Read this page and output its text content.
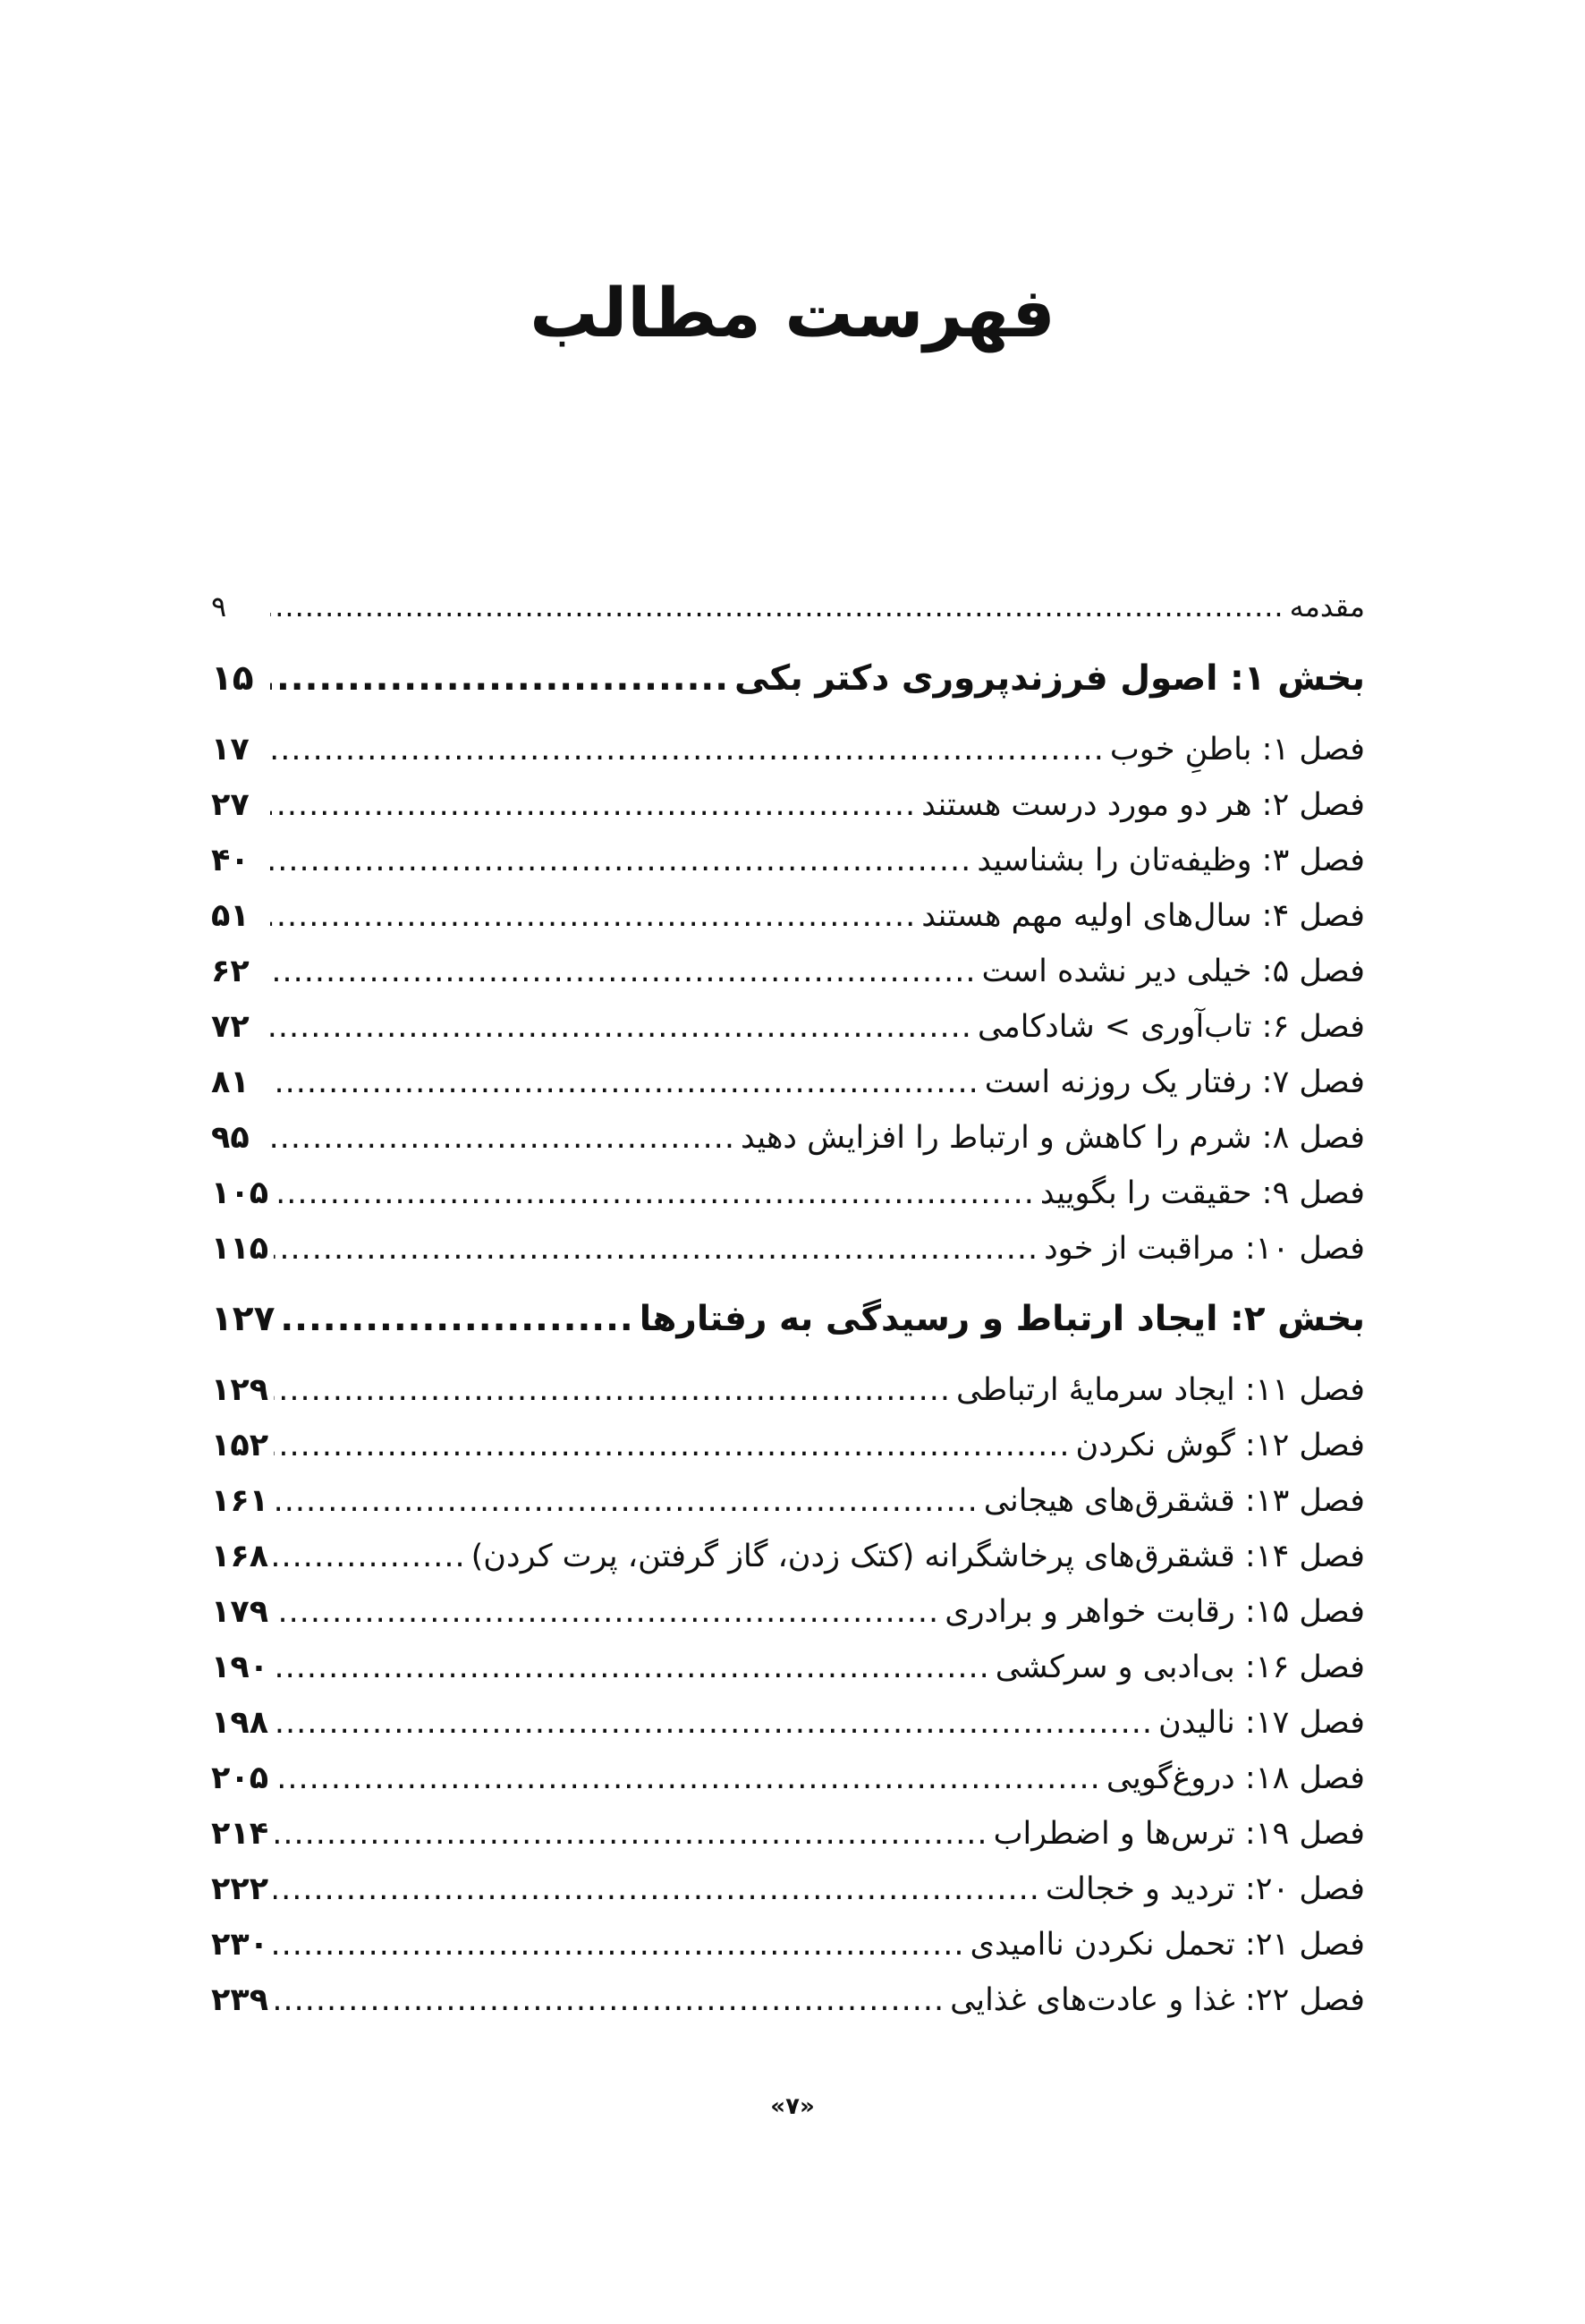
فهرست مطالب
مقدمه
.....
۹
بخش ۱: اصول فرزندپروری دکتر بکی
.....
۱۵
فصل ۱: باطنِ خوب
.....
۱۷
فصل ۲: هر دو مورد درست هستند
.....
۲۷
فصل ۳: وظیفه‌تان را بشناسید
.....
۴۰
فصل ۴: سال‌های اولیه مهم هستند
.....
۵۱
فصل ۵: خیلی دیر نشده است
.....
۶۲
فصل ۶: تاب‌آوری > شادکامی
.....
۷۲
فصل ۷: رفتار یک روزنه است
.....
۸۱
فصل ۸: شرم را کاهش و ارتباط را افزایش دهید
.....
۹۵
فصل ۹: حقیقت را بگویید
.....
۱۰۵
فصل ۱۰: مراقبت از خود
.....
۱۱۵
بخش ۲: ایجاد ارتباط و رسیدگی به رفتارها
.....
۱۲۷
فصل ۱۱: ایجاد سرمایهٔ ارتباطی
.....
۱۲۹
فصل ۱۲: گوش نکردن
.....
۱۵۲
فصل ۱۳: قشقرق‌های هیجانی
.....
۱۶۱
فصل ۱۴: قشقرق‌های پرخاشگرانه (کتک زدن، گاز گرفتن، پرت کردن)
.....
۱۶۸
فصل ۱۵: رقابت خواهر و برادری
.....
۱۷۹
فصل ۱۶: بی‌ادبی و سرکشی
.....
۱۹۰
فصل ۱۷: نالیدن
.....
۱۹۸
فصل ۱۸: دروغ‌گویی
.....
۲۰۵
فصل ۱۹: ترس‌ها و اضطراب
.....
۲۱۴
فصل ۲۰: تردید و خجالت
.....
۲۲۲
فصل ۲۱: تحمل نکردن ناامیدی
.....
۲۳۰
فصل ۲۲: غذا و عادت‌های غذایی
.....
۲۳۹
«۷»
